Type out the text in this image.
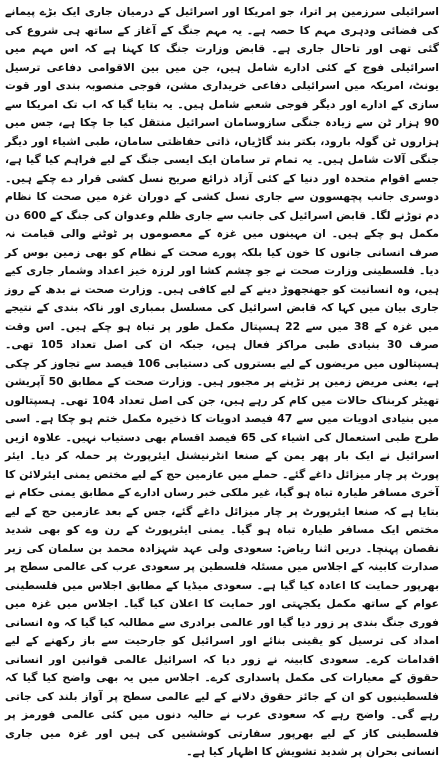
اسرائیلی سرزمین پر اترا، جو امریکا اور اسرائیل کے درمیان جاری ایک بڑے پیمانے کی فضائی ودہری مہم کا حصہ ہے۔ یہ مہم جنگ کے آغاز کے ساتھ ہی شروع کی گئی تھی اور تاحال جاری ہے۔ قابض وزارت جنگ کا کہنا ہے کہ اس مہم میں اسرائیلی فوج کے کئی ادارے شامل ہیں، جن میں بین الاقوامی دفاعی ترسیل یونٹ، امریکہ میں اسرائیلی دفاعی خریداری مشن، فوجی منصوبہ بندی اور قوت سازی کے ادارے اور دیگر فوجی شعبے شامل ہیں۔ یہ بتایا گیا کہ اب تک امریکا سے 90 ہزار ٹن سے زیادہ جنگی سازوسامان اسرائیل منتقل کیا جا چکا ہے، جس میں ہزاروں ٹن گولہ بارود، بکتر بند گاڑیاں، ذاتی حفاظتی سامان، طبی اشیاء اور دیگر جنگی آلات شامل ہیں۔ یہ تمام تر سامان ایک ایسی جنگ کے لیے فراہم کیا گیا ہے، جسے اقوام متحدہ اور دنیا کے کئی آزاد ذرائع صریح نسل کشی قرار دے چکے ہیں۔ دوسری جانب پچھسوون سے جاری نسل کشی کے دوران غزہ میں صحت کا نظام دم توڑنے لگا۔ قابض اسرائیل کی جانب سے جاری ظلم وعدوان کی جنگ کے 600 دن مکمل ہو چکے ہیں۔ ان مہینوں میں غزہ کے معصوموں پر ٹوٹنے والی قیامت نہ صرف انسانی جانوں کا خون کیا بلکہ پورے صحت کے نظام کو بھی زمین بوس کر دیا۔ فلسطینی وزارت صحت نے جو چشم کشا اور لرزہ خیز اعداد وشمار جاری کیے ہیں، وہ انسانیت کو جھنجھوڑ دینے کے لیے کافی ہیں۔ وزارت صحت نے بدھ کے روز جاری بیان میں کہا کہ قابض اسرائیل کی مسلسل بمباری اور ناکہ بندی کے نتیجے میں غزہ کے 38 میں سے 22 ہسپتال مکمل طور پر تباہ ہو چکے ہیں۔ اس وقت صرف 30 بنیادی طبی مراکز فعال ہیں، جبکہ ان کی اصل تعداد 105 تھی۔ ہسپتالوں میں مریضوں کے لیے بستروں کی دستیابی 106 فیصد سے تجاوز کر چکی ہے، یعنی مریض زمین پر تڑپنے پر مجبور ہیں۔ وزارت صحت کے مطابق 50 آپریشن تھیٹر کربناک حالات میں کام کر رہے ہیں، جن کی اصل تعداد 104 تھی۔ ہسپتالوں میں بنیادی ادویات میں سے 47 فیصد ادویات کا ذخیرہ مکمل ختم ہو چکا ہے۔ اسی طرح طبی استعمال کی اشیاء کی 65 فیصد اقسام بھی دستیاب نہیں۔ علاوہ ازیں اسرائیل نے ایک بار پھر یمن کے صنعا انٹرنیشنل ایئرپورٹ پر حملہ کر دیا۔ ایئر پورٹ پر چار میزائل داغے گئے۔ حملے میں عازمین حج کے لیے مختص یمنی ایئرلائن کا آخری مسافر طیارہ تباہ ہو گیا، غیر ملکی خبر رساں ادارے کے مطابق یمنی حکام نے بتایا ہے کہ صنعا ایئرپورٹ پر چار میزائل داغے گئے، جس کے بعد عازمین حج کے لیے مختص ایک مسافر طیارہ تباہ ہو گیا۔ یمنی ایئرپورٹ کے رن وے کو بھی شدید نقصان پہنچا۔ دریں اثنا ریاض: سعودی ولی عہد شہزادہ محمد بن سلمان کی زیر صدارت کابینہ کے اجلاس میں مسئلہ فلسطین پر سعودی عرب کی عالمی سطح پر بھرپور حمایت کا اعادہ کیا گیا ہے۔ سعودی میڈیا کے مطابق اجلاس میں فلسطینی عوام کے ساتھ مکمل یکجہتی اور حمایت کا اعلان کیا گیا۔ اجلاس میں غزہ میں فوری جنگ بندی پر زور دیا گیا اور عالمی برادری سے مطالبہ کیا گیا کہ وہ انسانی امداد کی ترسیل کو یقینی بنائے اور اسرائیل کو جارحیت سے باز رکھنے کے لیے اقدامات کرے۔ سعودی کابینہ نے زور دیا کہ اسرائیل عالمی قوانین اور انسانی حقوق کے معیارات کی مکمل پاسداری کرے۔ اجلاس میں یہ بھی واضح کیا گیا کہ فلسطینیوں کو ان کے جائز حقوق دلانے کے لیے عالمی سطح پر آواز بلند کی جاتی رہے گی۔ واضح رہے کہ سعودی عرب نے حالیہ دنوں میں کئی عالمی فورمز پر فلسطینی کاز کے لیے بھرپور سفارتی کوششیں کی ہیں اور غزہ میں جاری انسانی بحران پر شدید تشویش کا اظہار کیا ہے۔
